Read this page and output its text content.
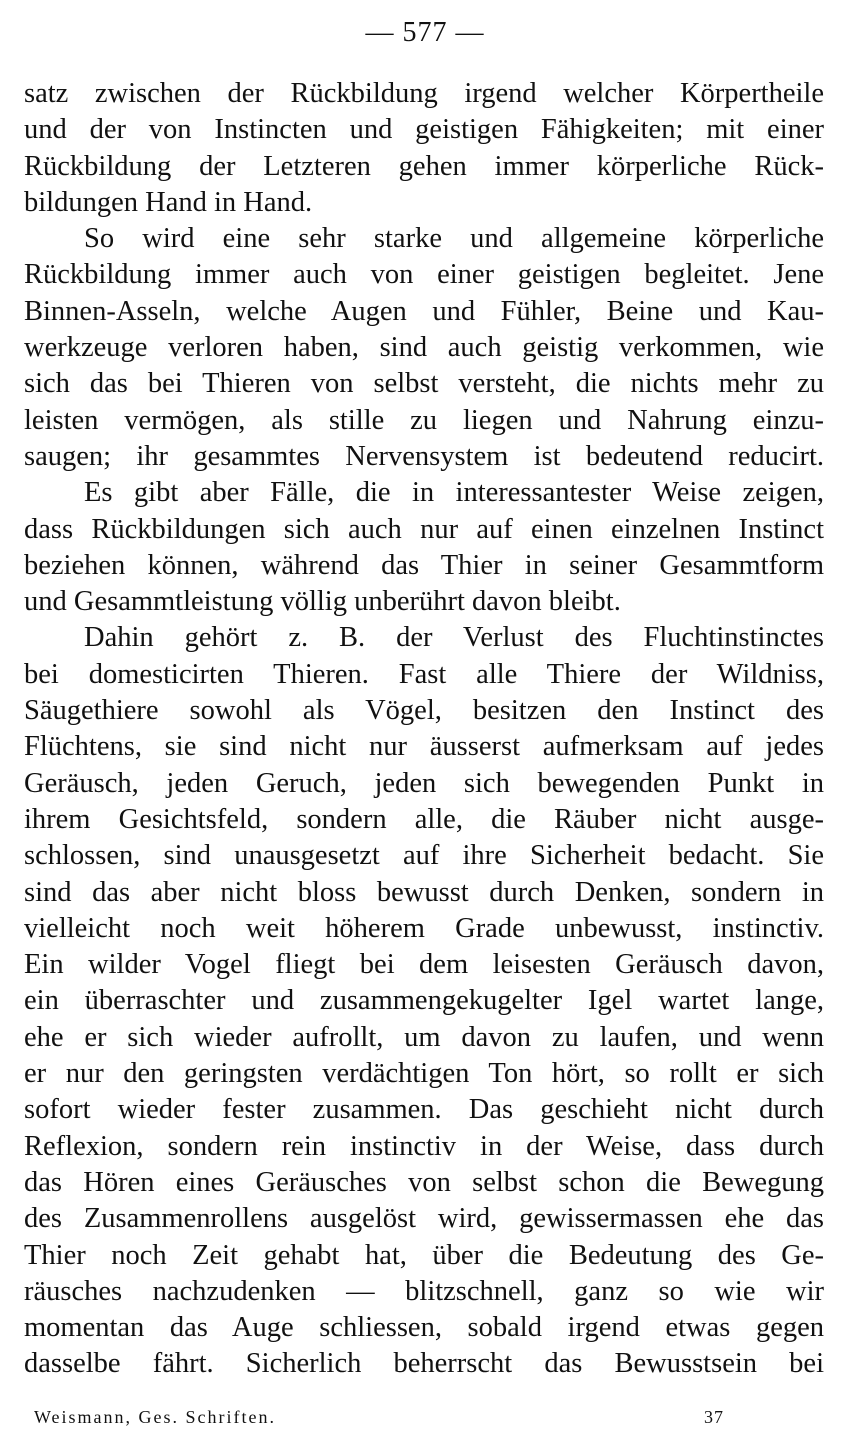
— 577 —
satz zwischen der Rückbildung irgend welcher Körpertheile
und der von Instincten und geistigen Fähigkeiten; mit einer
Rückbildung der Letzteren gehen immer körperliche Rück-
bildungen Hand in Hand.
So wird eine sehr starke und allgemeine körperliche
Rückbildung immer auch von einer geistigen begleitet. Jene
Binnen-Asseln, welche Augen und Fühler, Beine und Kau-
werkzeuge verloren haben, sind auch geistig verkommen, wie
sich das bei Thieren von selbst versteht, die nichts mehr zu
leisten vermögen, als stille zu liegen und Nahrung einzu-
saugen; ihr gesammtes Nervensystem ist bedeutend reducirt.
Es gibt aber Fälle, die in interessantester Weise zeigen,
dass Rückbildungen sich auch nur auf einen einzelnen Instinct
beziehen können, während das Thier in seiner Gesammtform
und Gesammtleistung völlig unberührt davon bleibt.
Dahin gehört z. B. der Verlust des Fluchtinstinctes
bei domesticirten Thieren. Fast alle Thiere der Wildniss,
Säugethiere sowohl als Vögel, besitzen den Instinct des
Flüchtens, sie sind nicht nur äusserst aufmerksam auf jedes
Geräusch, jeden Geruch, jeden sich bewegenden Punkt in
ihrem Gesichtsfeld, sondern alle, die Räuber nicht ausge-
schlossen, sind unausgesetzt auf ihre Sicherheit bedacht. Sie
sind das aber nicht bloss bewusst durch Denken, sondern in
vielleicht noch weit höherem Grade unbewusst, instinctiv.
Ein wilder Vogel fliegt bei dem leisesten Geräusch davon,
ein überraschter und zusammengekugelter Igel wartet lange,
ehe er sich wieder aufrollt, um davon zu laufen, und wenn
er nur den geringsten verdächtigen Ton hört, so rollt er sich
sofort wieder fester zusammen. Das geschieht nicht durch
Reflexion, sondern rein instinctiv in der Weise, dass durch
das Hören eines Geräusches von selbst schon die Bewegung
des Zusammenrollens ausgelöst wird, gewissermassen ehe das
Thier noch Zeit gehabt hat, über die Bedeutung des Ge-
räusches nachzudenken — blitzschnell, ganz so wie wir
momentan das Auge schliessen, sobald irgend etwas gegen
dasselbe fährt. Sicherlich beherrscht das Bewusstsein bei
Weismann, Ges. Schriften.	37
